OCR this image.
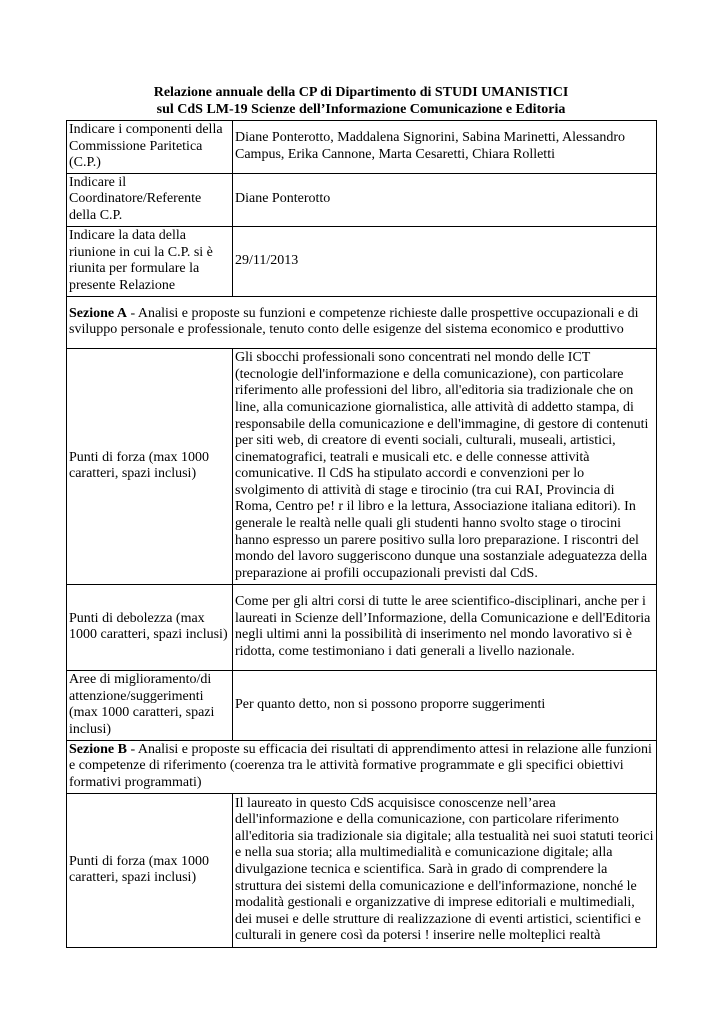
Relazione annuale della CP di Dipartimento di STUDI UMANISTICI
sul CdS LM-19 Scienze dell’Informazione Comunicazione e Editoria
Indicare i componenti della Commissione Paritetica (C.P.)	Diane Ponterotto, Maddalena Signorini, Sabina Marinetti, Alessandro Campus, Erika Cannone, Marta Cesaretti, Chiara Rolletti
Indicare il Coordinatore/Referente della C.P.	Diane Ponterotto
Indicare la data della riunione in cui la C.P. si è riunita per formulare la presente Relazione	29/11/2013
Sezione A - Analisi e proposte su funzioni e competenze richieste dalle prospettive occupazionali e di sviluppo personale e professionale, tenuto conto delle esigenze del sistema economico e produttivo	
Punti di forza (max 1000 caratteri, spazi inclusi)	Gli sbocchi professionali sono concentrati nel mondo delle ICT (tecnologie dell'informazione e della comunicazione), con particolare riferimento alle professioni del libro, all'editoria sia tradizionale che on line, alla comunicazione giornalistica, alle attività di addetto stampa, di responsabile della comunicazione e dell'immagine, di gestore di contenuti per siti web, di creatore di eventi sociali, culturali, museali, artistici, cinematografici, teatrali e musicali etc. e delle connesse attività comunicative. Il CdS ha stipulato accordi e convenzioni per lo svolgimento di attività di stage e tirocinio (tra cui RAI, Provincia di Roma, Centro pe! r il libro e la lettura, Associazione italiana editori). In generale le realtà nelle quali gli studenti hanno svolto stage o tirocini hanno espresso un parere positivo sulla loro preparazione. I riscontri del mondo del lavoro suggeriscono dunque una sostanziale adeguatezza della preparazione ai profili occupazionali previsti dal CdS.
Punti di debolezza (max 1000 caratteri, spazi inclusi)	Come per gli altri corsi di tutte le aree scientifico-disciplinari, anche per i laureati in Scienze dell’Informazione, della Comunicazione e dell'Editoria negli ultimi anni la possibilità di inserimento nel mondo lavorativo si è ridotta, come testimoniano i dati generali a livello nazionale.
Aree di miglioramento/di attenzione/suggerimenti (max 1000 caratteri, spazi inclusi)	Per quanto detto, non si possono proporre suggerimenti
Sezione B - Analisi e proposte su efficacia dei risultati di apprendimento attesi in relazione alle funzioni e competenze di riferimento (coerenza tra le attività formative programmate e gli specifici obiettivi formativi programmati)	
Punti di forza (max 1000 caratteri, spazi inclusi)	Il laureato in questo CdS acquisisce conoscenze nell’area dell'informazione e della comunicazione, con particolare riferimento all'editoria sia tradizionale sia digitale; alla testualità nei suoi statuti teorici e nella sua storia; alla multimedialità e comunicazione digitale; alla divulgazione tecnica e scientifica. Sarà in grado di comprendere la struttura dei sistemi della comunicazione e dell'informazione, nonché le modalità gestionali e organizzative di imprese editoriali e multimediali, dei musei e delle strutture di realizzazione di eventi artistici, scientifici e culturali in genere così da potersi ! inserire nelle molteplici realtà
